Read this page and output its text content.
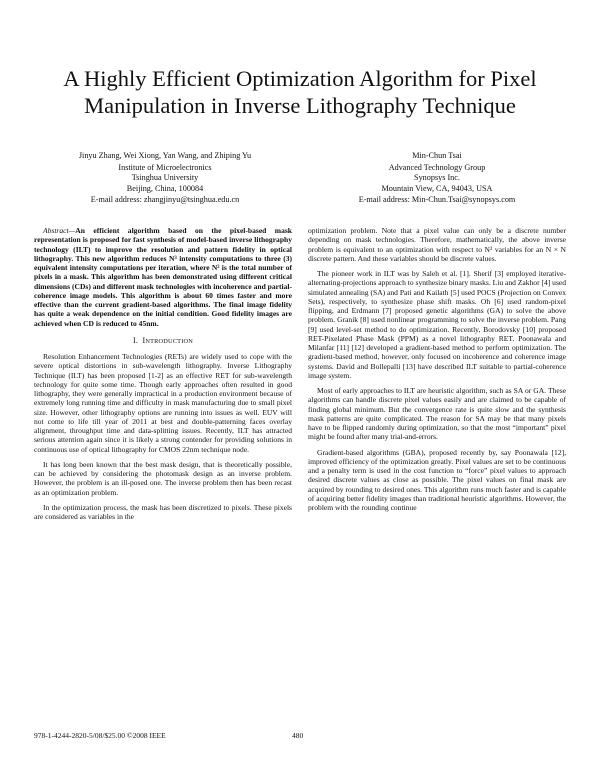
A Highly Efficient Optimization Algorithm for Pixel Manipulation in Inverse Lithography Technique
Jinyu Zhang, Wei Xiong, Yan Wang, and Zhiping Yu
Institute of Microelectronics
Tsinghua University
Beijing, China, 100084
E-mail address: zhangjinyu@tsinghua.edu.cn
Min-Chun Tsai
Advanced Technology Group
Synopsys Inc.
Mountain View, CA, 94043, USA
E-mail address: Min-Chun.Tsai@synopsys.com

Abstract—An efficient algorithm based on the pixel-based mask representation is proposed for fast synthesis of model-based inverse lithography technology (ILT) to improve the resolution and pattern fidelity in optical lithography. This new algorithm reduces N³ intensity computations to three (3) equivalent intensity computations per iteration, where N² is the total number of pixels in a mask. This algorithm has been demonstrated using different critical dimensions (CDs) and different mask technologies with incoherence and partial-coherence image models. This algorithm is about 60 times faster and more effective than the current gradient-based algorithms. The final image fidelity has quite a weak dependence on the initial condition. Good fidelity images are achieved when CD is reduced to 45nm.

I. INTRODUCTION

Resolution Enhancement Technologies (RETs) are widely used to cope with the severe optical distortions in sub-wavelength lithography. Inverse Lithography Technique (ILT) has been proposed [1-2] as an effective RET for sub-wavelength technology for quite some time. Though early approaches often resulted in good lithography, they were generally impractical in a production environment because of extremely long running time and difficulty in mask manufacturing due to small pixel size. However, other lithography options are running into issues as well. EUV will not come to life till year of 2011 at best and double-patterning faces overlay alignment, throughput time and data-splitting issues. Recently, ILT has attracted serious attention again since it is likely a strong contender for providing solutions in continuous use of optical lithography for CMOS 22nm technique node.

It has long been known that the best mask design, that is theoretically possible, can be achieved by considering the photomask design as an inverse problem. However, the problem is an ill-posed one. The inverse problem then has been recast as an optimization problem.

In the optimization process, the mask has been discretized to pixels. These pixels are considered as variables in the

optimization problem. Note that a pixel value can only be a discrete number depending on mask technologies. Therefore, mathematically, the above inverse problem is equivalent to an optimization with respect to N² variables for an N × N discrete pattern. And these variables should be discrete values.

The pioneer work in ILT was by Saleh et al. [1]. Sherif [3] employed iterative-alternating-projections approach to synthesize binary masks. Liu and Zakhor [4] used simulated annealing (SA) and Pati and Kailath [5] used POCS (Projection on Convex Sets), respectively, to synthesize phase shift masks. Oh [6] used random-pixel flipping, and Erdmann [7] proposed genetic algorithms (GA) to solve the above problem. Granik [8] used nonlinear programming to solve the inverse problem. Pang [9] used level-set method to do optimization. Recently, Borodovsky [10] proposed RET-Pixelated Phase Mask (PPM) as a novel lithography RET. Poonawala and Milanfar [11] [12] developed a gradient-based method to perform optimization. The gradient-based method, however, only focused on incoherence and coherence image systems. David and Bollepalli [13] have described ILT suitable to partial-coherence image system.

Most of early approaches to ILT are heuristic algorithm, such as SA or GA. These algorithms can handle discrete pixel values easily and are claimed to be capable of finding global minimum. But the convergence rate is quite slow and the synthesis mask patterns are quite complicated. The reason for SA may be that many pixels have to be flipped randomly during optimization, so that the most “important” pixel might be found after many trial-and-errors.

Gradient-based algorithms (GBA), proposed recently by, say Poonawala [12], improved efficiency of the optimization greatly. Pixel values are set to be continuous and a penalty term is used in the cost function to “force” pixel values to approach desired discrete values as close as possible. The pixel values on final mask are acquired by rounding to desired ones. This algorithm runs much faster and is capable of acquiring better fidelity images than traditional heuristic algorithms. However, the problem with the rounding continue

978-1-4244-2820-5/08/$25.00 ©2008 IEEE	480
